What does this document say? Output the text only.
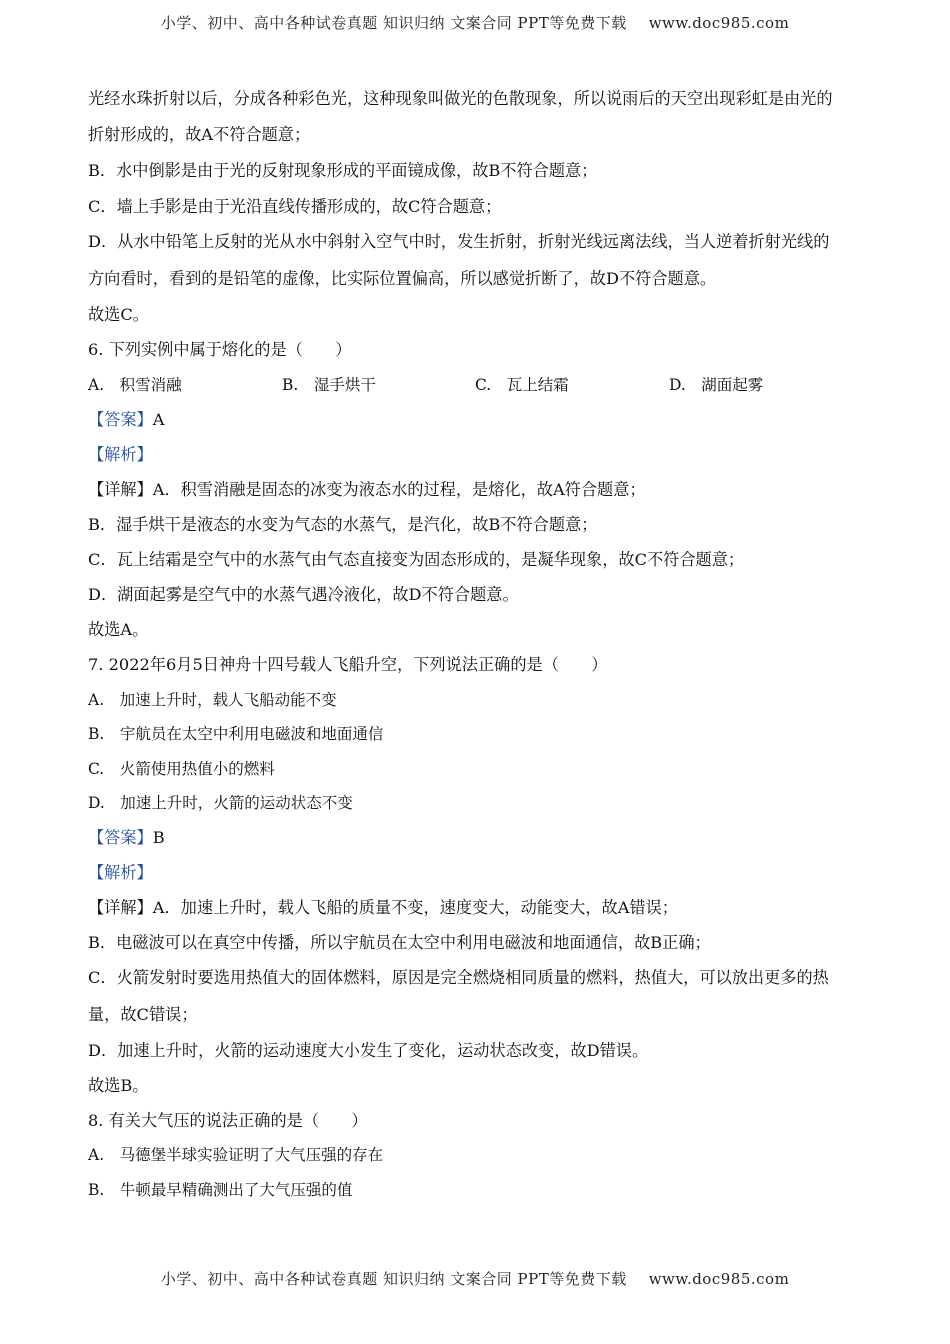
小学、初中、高中各种试卷真题 知识归纳 文案合同 PPT等免费下载 www.doc985.com
光经水珠折射以后，分成各种彩色光，这种现象叫做光的色散现象，所以说雨后的天空出现彩虹是由光的
折射形成的，故A不符合题意；
B．水中倒影是由于光的反射现象形成的平面镜成像，故B不符合题意；
C．墙上手影是由于光沿直线传播形成的，故C符合题意；
D．从水中铅笔上反射的光从水中斜射入空气中时，发生折射，折射光线远离法线，当人逆着折射光线的
方向看时，看到的是铅笔的虚像，比实际位置偏高，所以感觉折断了，故D不符合题意。
故选C。
6. 下列实例中属于熔化的是（　　）
A.　积雪消融	B.　湿手烘干	C.　瓦上结霜	D.　湖面起雾
【答案】A
【解析】
【详解】A．积雪消融是固态的冰变为液态水的过程，是熔化，故A符合题意；
B．湿手烘干是液态的水变为气态的水蒸气，是汽化，故B不符合题意；
C．瓦上结霜是空气中的水蒸气由气态直接变为固态形成的，是凝华现象，故C不符合题意；
D．湖面起雾是空气中的水蒸气遇冷液化，故D不符合题意。
故选A。
7. 2022年6月5日神舟十四号载人飞船升空，下列说法正确的是（　　）
A.　加速上升时，载人飞船动能不变
B.　宇航员在太空中利用电磁波和地面通信
C.　火箭使用热值小的燃料
D.　加速上升时，火箭的运动状态不变
【答案】B
【解析】
【详解】A．加速上升时，载人飞船的质量不变，速度变大，动能变大，故A错误；
B．电磁波可以在真空中传播，所以宇航员在太空中利用电磁波和地面通信，故B正确；
C．火箭发射时要选用热值大的固体燃料，原因是完全燃烧相同质量的燃料，热值大，可以放出更多的热
量，故C错误；
D．加速上升时，火箭的运动速度大小发生了变化，运动状态改变，故D错误。
故选B。
8. 有关大气压的说法正确的是（　　）
A.　马德堡半球实验证明了大气压强的存在
B.　牛顿最早精确测出了大气压强的值
小学、初中、高中各种试卷真题 知识归纳 文案合同 PPT等免费下载 www.doc985.com
